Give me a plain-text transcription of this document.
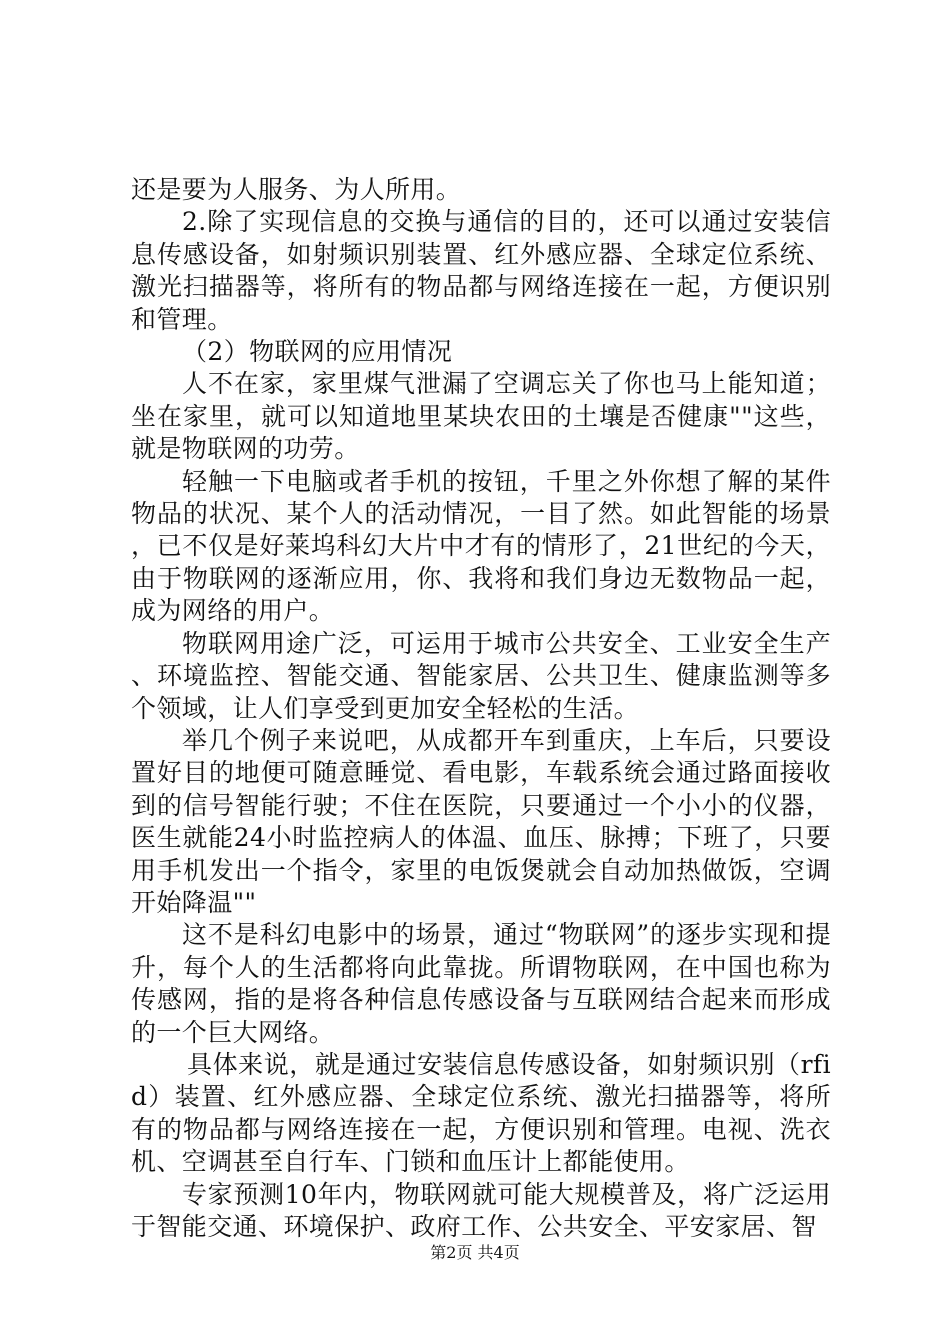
还是要为人服务、为人所用。

2.除了实现信息的交换与通信的目的，还可以通过安装信息传感设备，如射频识别装置、红外感应器、全球定位系统、激光扫描器等，将所有的物品都与网络连接在一起，方便识别和管理。

（2）物联网的应用情况

人不在家，家里煤气泄漏了空调忘关了你也马上能知道；坐在家里，就可以知道地里某块农田的土壤是否健康""这些，就是物联网的功劳。

轻触一下电脑或者手机的按钮，千里之外你想了解的某件物品的状况、某个人的活动情况，一目了然。如此智能的场景，已不仅是好莱坞科幻大片中才有的情形了，21世纪的今天，由于物联网的逐渐应用，你、我将和我们身边无数物品一起，成为网络的用户。

物联网用途广泛，可运用于城市公共安全、工业安全生产、环境监控、智能交通、智能家居、公共卫生、健康监测等多个领域，让人们享受到更加安全轻松的生活。

举几个例子来说吧，从成都开车到重庆，上车后，只要设置好目的地便可随意睡觉、看电影，车载系统会通过路面接收到的信号智能行驶；不住在医院，只要通过一个小小的仪器，医生就能24小时监控病人的体温、血压、脉搏；下班了，只要用手机发出一个指令，家里的电饭煲就会自动加热做饭，空调开始降温""

这不是科幻电影中的场景，通过“物联网”的逐步实现和提升，每个人的生活都将向此靠拢。所谓物联网，在中国也称为传感网，指的是将各种信息传感设备与互联网结合起来而形成的一个巨大网络。

具体来说，就是通过安装信息传感设备，如射频识别（rfid）装置、红外感应器、全球定位系统、激光扫描器等，将所有的物品都与网络连接在一起，方便识别和管理。电视、洗衣机、空调甚至自行车、门锁和血压计上都能使用。

专家预测10年内，物联网就可能大规模普及，将广泛运用于智能交通、环境保护、政府工作、公共安全、平安家居、智

第2页 共4页
